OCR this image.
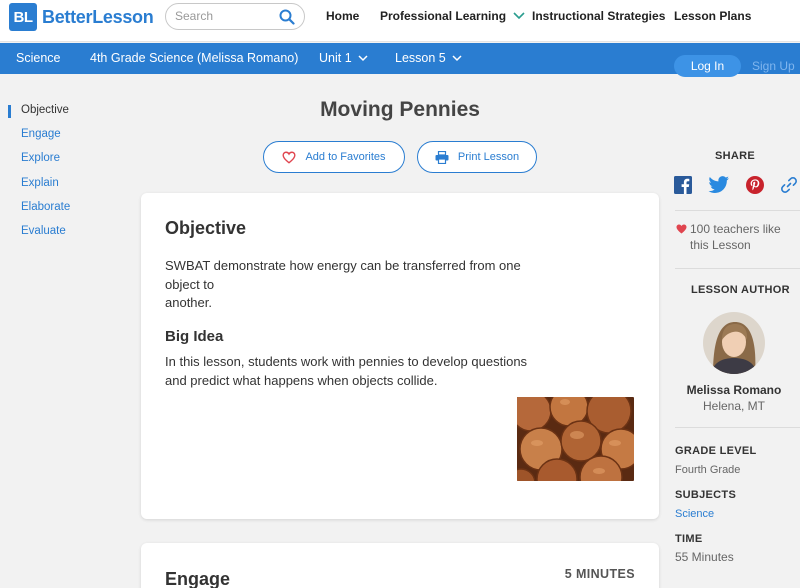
BL BetterLesson
Search	Home Professional Learning Instructional Strategies Lesson Plans
Science 4th Grade Science (Melissa Romano) Unit 1	Lesson 5
Log In	Sign Up
Objective
Engage
Explore
Explain
Elaborate
Evaluate
Moving Pennies
Add to Favorites	Print Lesson
Objective

SWBAT demonstrate how energy can be transferred from one

object to

another.

Big Idea

In this lesson, students work with pennies to develop questions

and predict what happens when objects collide.

Engage	5 MINUTES
SHARE
100 teachers like
this Lesson
LESSON AUTHOR
Melissa Romano
Helena, MT
GRADE LEVEL
Fourth Grade
SUBJECTS
Science
TIME
55 Minutes
